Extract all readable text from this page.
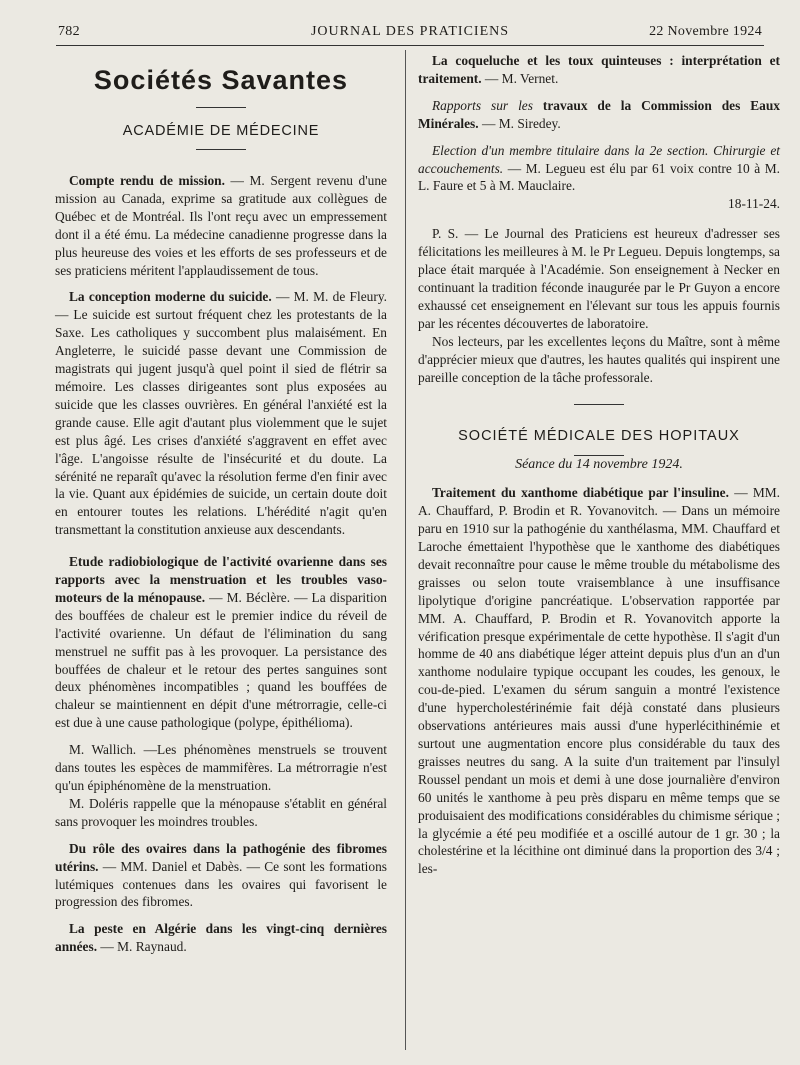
782	JOURNAL DES PRATICIENS	22 Novembre 1924
Sociétés Savantes
ACADÉMIE DE MÉDECINE

Compte rendu de mission. — M. Sergent revenu d'une mission au Canada, exprime sa gratitude aux collègues de Québec et de Montréal. Ils l'ont reçu avec un empressement dont il a été ému. La médecine canadienne progresse dans la plus heureuse des voies et les efforts de ses professeurs et de ses praticiens méritent l'applaudissement de tous.

La conception moderne du suicide. — M. M. de Fleury. — Le suicide est surtout fréquent chez les protestants de la Saxe. Les catholiques y succombent plus malaisément. En Angleterre, le suicidé passe devant une Commission de magistrats qui jugent jusqu'à quel point il sied de flétrir sa mémoire. Les classes dirigeantes sont plus exposées au suicide que les classes ouvrières. En général l'anxiété est la grande cause. Elle agit d'autant plus violemment que le sujet est plus âgé. Les crises d'anxiété s'aggravent en effet avec l'âge. L'angoisse résulte de l'insécurité et du doute. La sérénité ne reparaît qu'avec la résolution ferme d'en finir avec la vie. Quant aux épidémies de suicide, un certain doute doit en entourer toutes les relations. L'hérédité n'agit qu'en transmettant la constitution anxieuse aux descendants.

Etude radiobiologique de l'activité ovarienne dans ses rapports avec la menstruation et les troubles vaso-moteurs de la ménopause. — M. Béclère. — La disparition des bouffées de chaleur est le premier indice du réveil de l'activité ovarienne. Un défaut de l'élimination du sang menstruel ne suffit pas à les provoquer. La persistance des bouffées de chaleur et le retour des pertes sanguines sont deux phénomènes incompatibles ; quand les bouffées de chaleur se maintiennent en dépit d'une métrorragie, celle-ci est due à une cause pathologique (polype, épithélioma).

M. Wallich. —Les phénomènes menstruels se trouvent dans toutes les espèces de mammifères. La métrorragie n'est qu'un épiphénomène de la menstruation.

M. Doléris rappelle que la ménopause s'établit en général sans provoquer les moindres troubles.

Du rôle des ovaires dans la pathogénie des fibromes utérins. — MM. Daniel et Dabès. — Ce sont les formations lutémiques contenues dans les ovaires qui favorisent le progression des fibromes.

La peste en Algérie dans les vingt-cinq dernières années. — M. Raynaud.

La coqueluche et les toux quinteuses : interprétation et traitement. — M. Vernet.

Rapports sur les travaux de la Commission des Eaux Minérales. — M. Siredey.

Election d'un membre titulaire dans la 2e section. Chirurgie et accouchements. — M. Legueu est élu par 61 voix contre 10 à M. L. Faure et 5 à M. Mauclaire.

18-11-24.

P. S. — Le Journal des Praticiens est heureux d'adresser ses félicitations les meilleures à M. le Pr Legueu. Depuis longtemps, sa place était marquée à l'Académie. Son enseignement à Necker en continuant la tradition féconde inaugurée par le Pr Guyon a encore exhaussé cet enseignement en l'élevant sur tous les appuis fournis par les récentes découvertes de laboratoire.

Nos lecteurs, par les excellentes leçons du Maître, sont à même d'apprécier mieux que d'autres, les hautes qualités qui inspirent une pareille conception de la tâche professorale.

SOCIÉTÉ MÉDICALE DES HOPITAUX

Séance du 14 novembre 1924.

Traitement du xanthome diabétique par l'insuline. — MM. A. Chauffard, P. Brodin et R. Yovanovitch. — Dans un mémoire paru en 1910 sur la pathogénie du xanthélasma, MM. Chauffard et Laroche émettaient l'hypothèse que le xanthome des diabétiques devait reconnaître pour cause le même trouble du métabolisme des graisses ou selon toute vraisemblance à une insuffisance lipolytique d'origine pancréatique. L'observation rapportée par MM. A. Chauffard, P. Brodin et R. Yovanovitch apporte la vérification presque expérimentale de cette hypothèse. Il s'agit d'un homme de 40 ans diabétique léger atteint depuis plus d'un an d'un xanthome nodulaire typique occupant les coudes, les genoux, le cou-de-pied. L'examen du sérum sanguin a montré l'existence d'une hypercholestérinémie fait déjà constaté dans plusieurs observations antérieures mais aussi d'une hyperlécithinémie et surtout une augmentation encore plus considérable du taux des graisses neutres du sang. A la suite d'un traitement par l'insulyl Roussel pendant un mois et demi à une dose journalière d'environ 60 unités le xanthome à peu près disparu en même temps que se produisaient des modifications considérables du chimisme sérique ; la glycémie a été peu modifiée et a oscillé autour de 1 gr. 30 ; la cholestérine et la lécithine ont diminué dans la proportion des 3/4 ; les-
